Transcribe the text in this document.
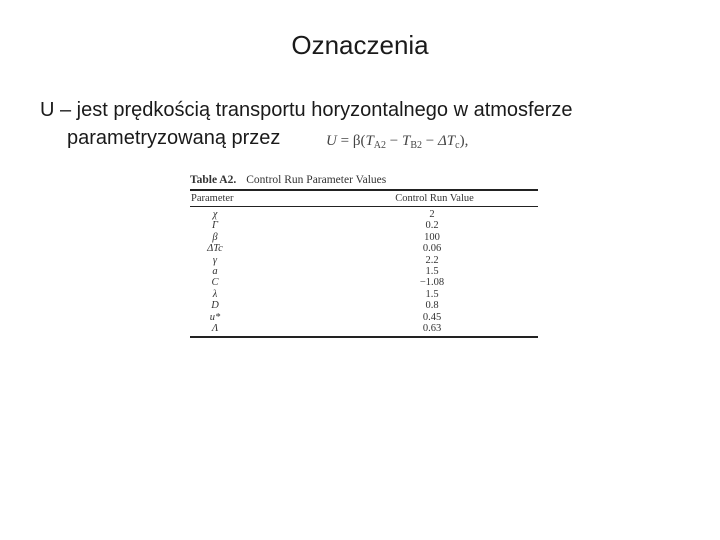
Oznaczenia
U – jest prędkością transportu horyzontalnego w atmosferze
parametryzowaną przez	$U = \beta(T_{A2} - T_{B2} - \Delta T_c)$,
Table A2. Control Run Parameter Values
Parameter	Control Run Value
χ	2
Γ	0.2
β	100
ΔTc	0.06
γ	2.2
a	1.5
C	−1.08
λ	1.5
D	0.8
u*	0.45
Λ	0.63
